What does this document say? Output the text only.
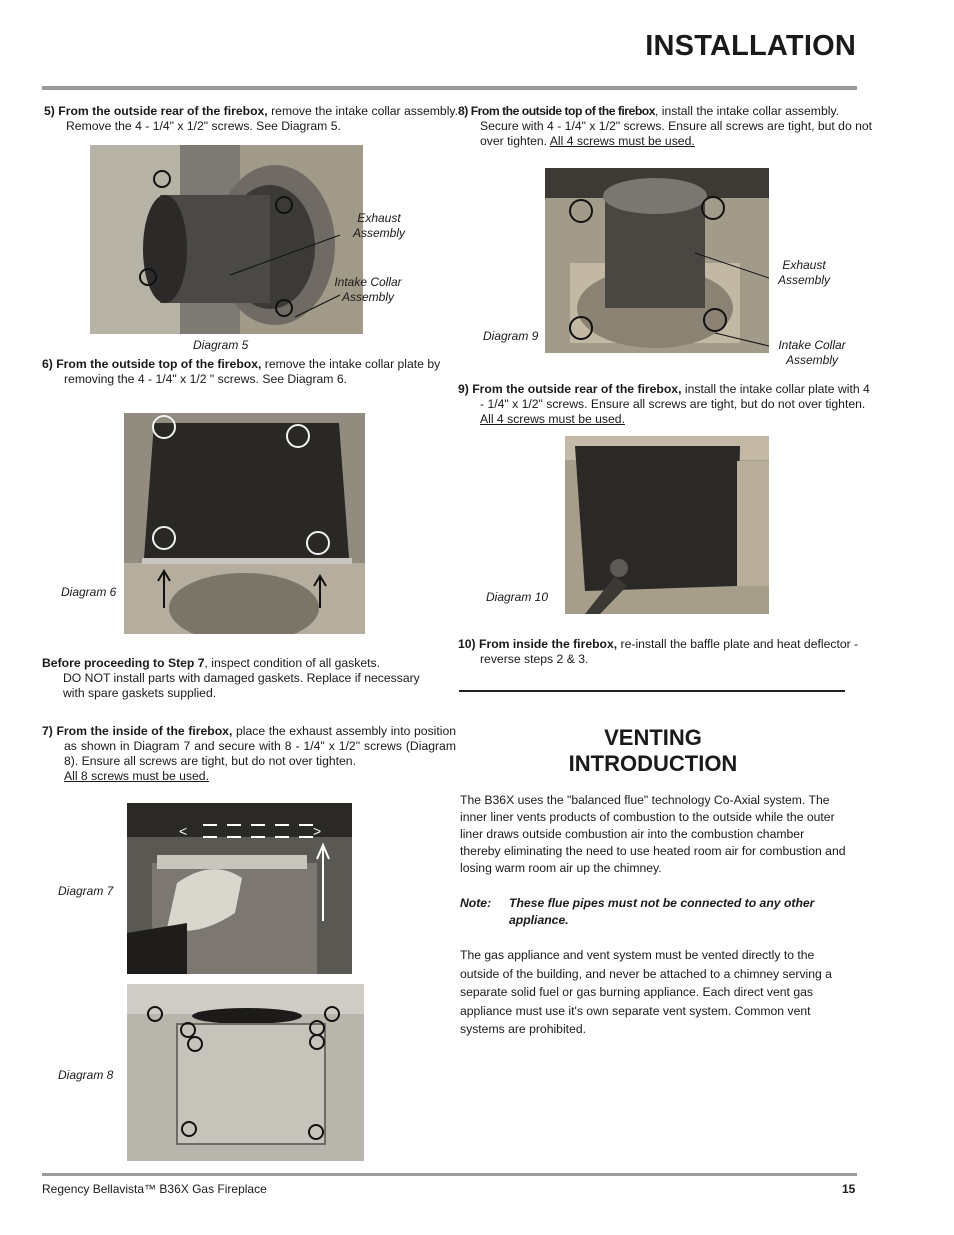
INSTALLATION
5) From the outside rear of the firebox, remove the intake collar assembly. Remove the 4 - 1/4" x 1/2" screws. See Diagram 5.
Exhaust Assembly
Intake Collar Assembly
Diagram 5
6) From the outside top of the firebox, remove the intake collar plate by removing the 4 - 1/4" x 1/2 " screws. See Diagram 6.
Diagram 6
Before proceeding to Step 7, inspect condition of all gaskets.
DO NOT install parts with damaged gaskets. Replace if necessary with spare gaskets supplied.
7) From the inside of the firebox, place the exhaust assembly into position as shown in Diagram 7 and secure with 8 - 1/4" x 1/2" screws (Diagram 8). Ensure all screws are tight, but do not over tighten.
All 8 screws must be used.
<	>
Diagram 7
Diagram 8
8) From the outside top of the firebox, install the intake collar assembly. Secure with 4 - 1/4" x 1/2" screws. Ensure all screws are tight, but do not over tighten. All 4 screws must be used.
Exhaust Assembly
Intake Collar Assembly
Diagram 9
9) From the outside rear of the firebox, install the intake collar plate with 4 - 1/4" x 1/2" screws. Ensure all screws are tight, but do not over tighten. All 4 screws must be used.
Diagram 10
10) From inside the firebox, re-install the baffle plate and heat deflector - reverse steps 2 & 3.
VENTING
INTRODUCTION
The B36X uses the "balanced flue" technology Co-Axial system. The inner liner vents products of combustion to the outside while the outer liner draws outside combustion air into the combustion chamber thereby eliminating the need to use heated room air for combustion and losing warm room air up the chimney.
Note:	These flue pipes must not be connected to any other appliance.
The gas appliance and vent system must be vented directly to the outside of the building, and never be attached to a chimney serving a separate solid fuel or gas burning appliance. Each direct vent gas appliance must use it's own separate vent system. Common vent systems are prohibited.
Regency Bellavista™ B36X Gas Fireplace	15
